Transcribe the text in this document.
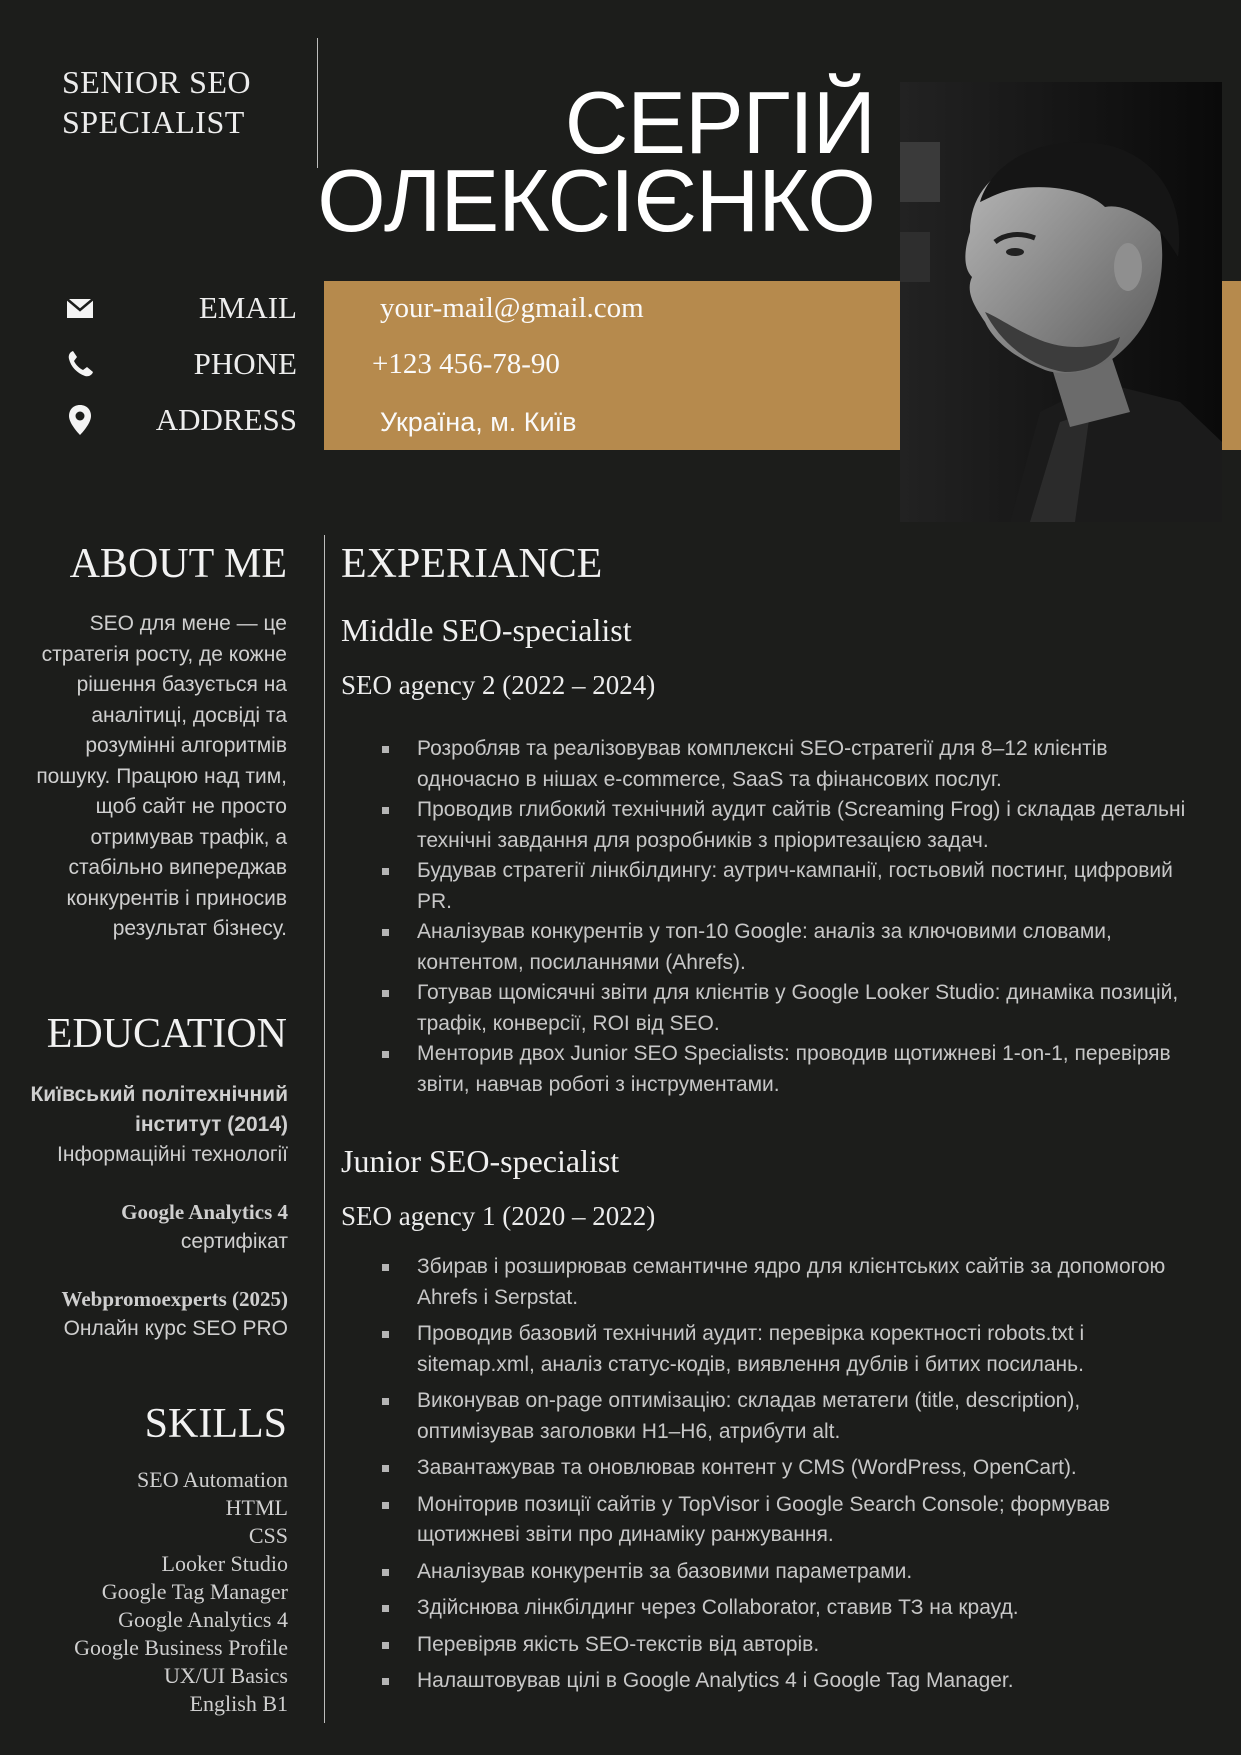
SENIOR SEO
SPECIALIST	СЕРГІЙ
ОЛЕКСІЄНКО
EMAIL	your-mail@gmail.com
PHONE	+123 456-78-90
ADDRESS	Україна, м. Київ
ABOUT ME
SEO для мене — це стратегія росту, де кожне рішення базується на аналітиці, досвіді та розумінні алгоритмів пошуку. Працюю над тим, щоб сайт не просто отримував трафік, а стабільно випереджав конкурентів і приносив результат бізнесу.
EDUCATION
Київський політехнічний інститут (2014)
Інформаційні технології
Google Analytics 4
сертифікат
Webpromoexperts (2025)
Онлайн курс SEO PRO
SKILLS
SEO Automation
HTML
CSS
Looker Studio
Google Tag Manager
Google Analytics 4
Google Business Profile
UX/UI Basics
English B1
EXPERIANCE
Middle SEO-specialist
SEO agency 2 (2022 – 2024)
Розробляв та реалізовував комплексні SEO-стратегії для 8–12 клієнтів одночасно в нішах e-commerce, SaaS та фінансових послуг.
Проводив глибокий технічний аудит сайтів (Screaming Frog) і складав детальні технічні завдання для розробників з пріоритезацією задач.
Будував стратегії лінкбілдингу: аутрич-кампанії, гостьовий постинг, цифровий PR.
Аналізував конкурентів у топ-10 Google: аналіз за ключовими словами, контентом, посиланнями (Ahrefs).
Готував щомісячні звіти для клієнтів у Google Looker Studio: динаміка позицій, трафік, конверсії, ROI від SEO.
Менторив двох Junior SEO Specialists: проводив щотижневі 1-on-1, перевіряв звіти, навчав роботі з інструментами.
Junior SEO-specialist
SEO agency 1 (2020 – 2022)
Збирав і розширював семантичне ядро для клієнтських сайтів за допомогою Ahrefs і Serpstat.
Проводив базовий технічний аудит: перевірка коректності robots.txt і sitemap.xml, аналіз статус-кодів, виявлення дублів і битих посилань.
Виконував on-page оптимізацію: складав метатеги (title, description), оптимізував заголовки H1–H6, атрибути alt.
Завантажував та оновлював контент у CMS (WordPress, OpenCart).
Моніторив позиції сайтів у TopVisor і Google Search Console; формував щотижневі звіти про динаміку ранжування.
Аналізував конкурентів за базовими параметрами.
Здійснюва лінкбілдинг через Collaborator, ставив ТЗ на крауд.
Перевіряв якість SEO-текстів від авторів.
Налаштовував цілі в Google Analytics 4 і Google Tag Manager.
